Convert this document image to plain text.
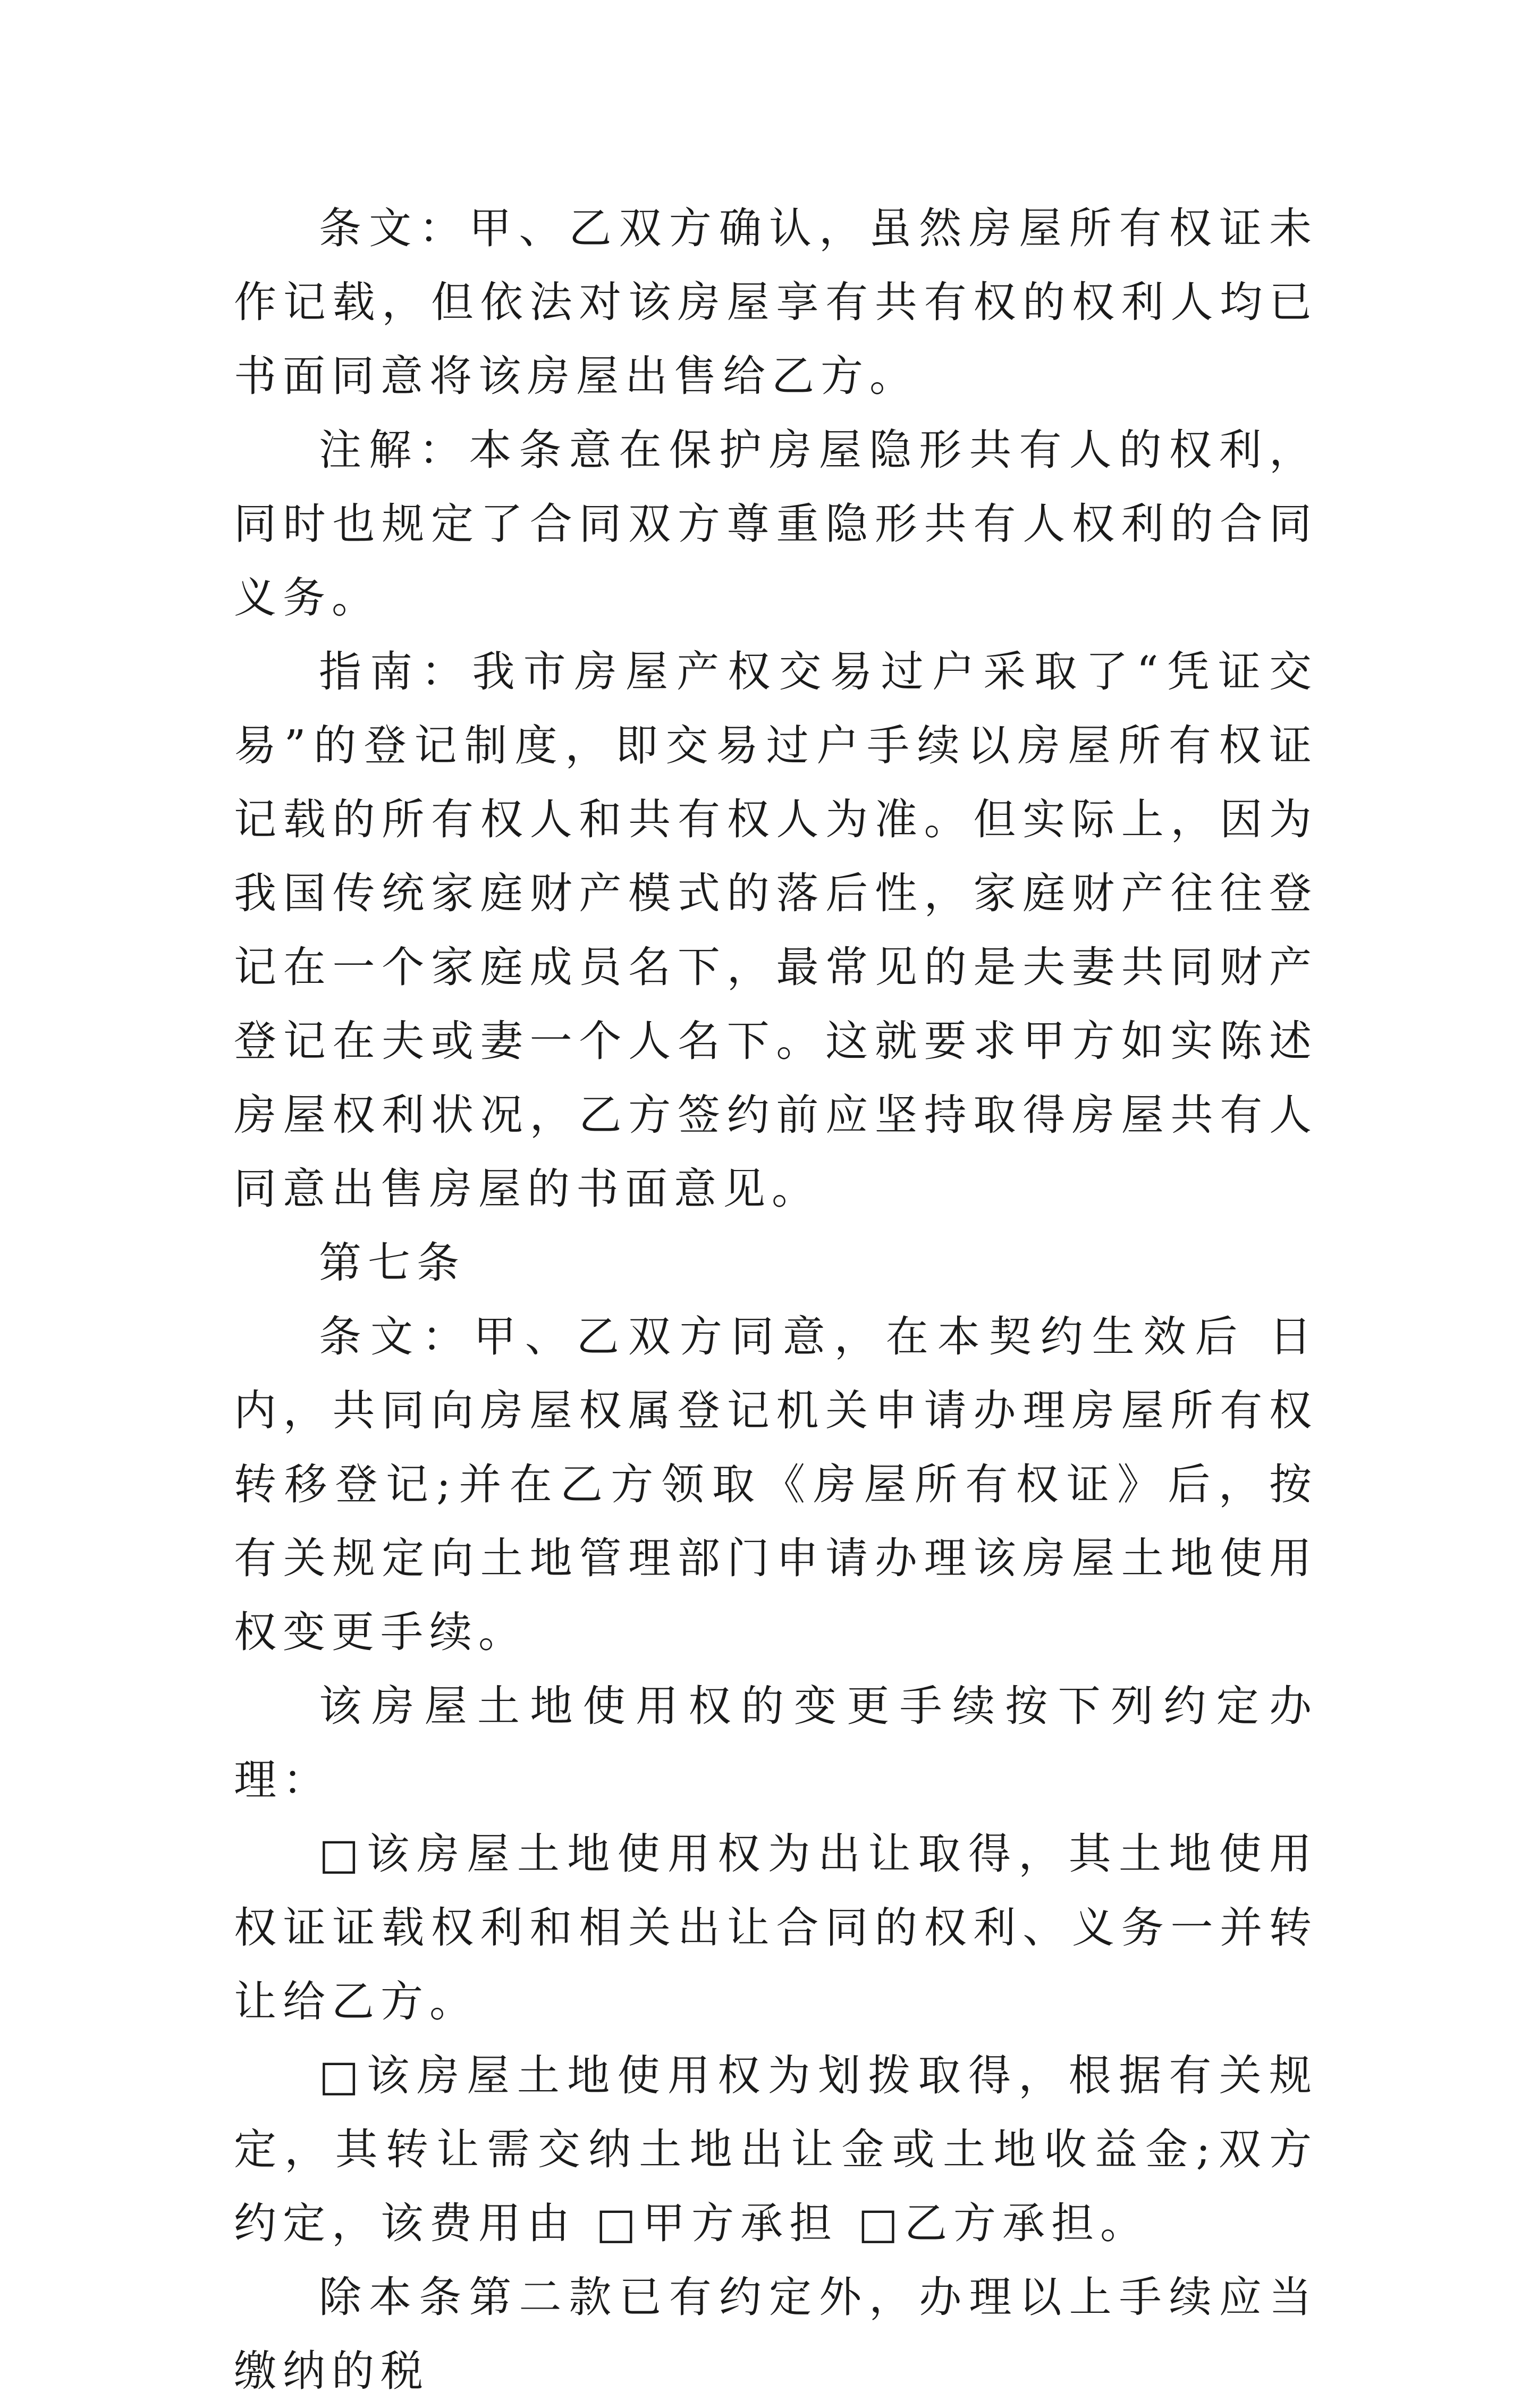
条文：甲、乙双方确认，虽然房屋所有权证未作记载，但依法对该房屋享有共有权的权利人均已书面同意将该房屋出售给乙方。

注解：本条意在保护房屋隐形共有人的权利，同时也规定了合同双方尊重隐形共有人权利的合同义务。

指南：我市房屋产权交易过户采取了“凭证交易”的登记制度，即交易过户手续以房屋所有权证记载的所有权人和共有权人为准。但实际上，因为我国传统家庭财产模式的落后性，家庭财产往往登记在一个家庭成员名下，最常见的是夫妻共同财产登记在夫或妻一个人名下。这就要求甲方如实陈述房屋权利状况，乙方签约前应坚持取得房屋共有人同意出售房屋的书面意见。

第七条

条文：甲、乙双方同意，在本契约生效后 日内，共同向房屋权属登记机关申请办理房屋所有权转移登记;并在乙方领取《房屋所有权证》后，按有关规定向土地管理部门申请办理该房屋土地使用权变更手续。

该房屋土地使用权的变更手续按下列约定办理：

□该房屋土地使用权为出让取得，其土地使用权证证载权利和相关出让合同的权利、义务一并转让给乙方。

□该房屋土地使用权为划拨取得，根据有关规定，其转让需交纳土地出让金或土地收益金;双方约定，该费用由 □甲方承担 □乙方承担。

除本条第二款已有约定外，办理以上手续应当缴纳的税
